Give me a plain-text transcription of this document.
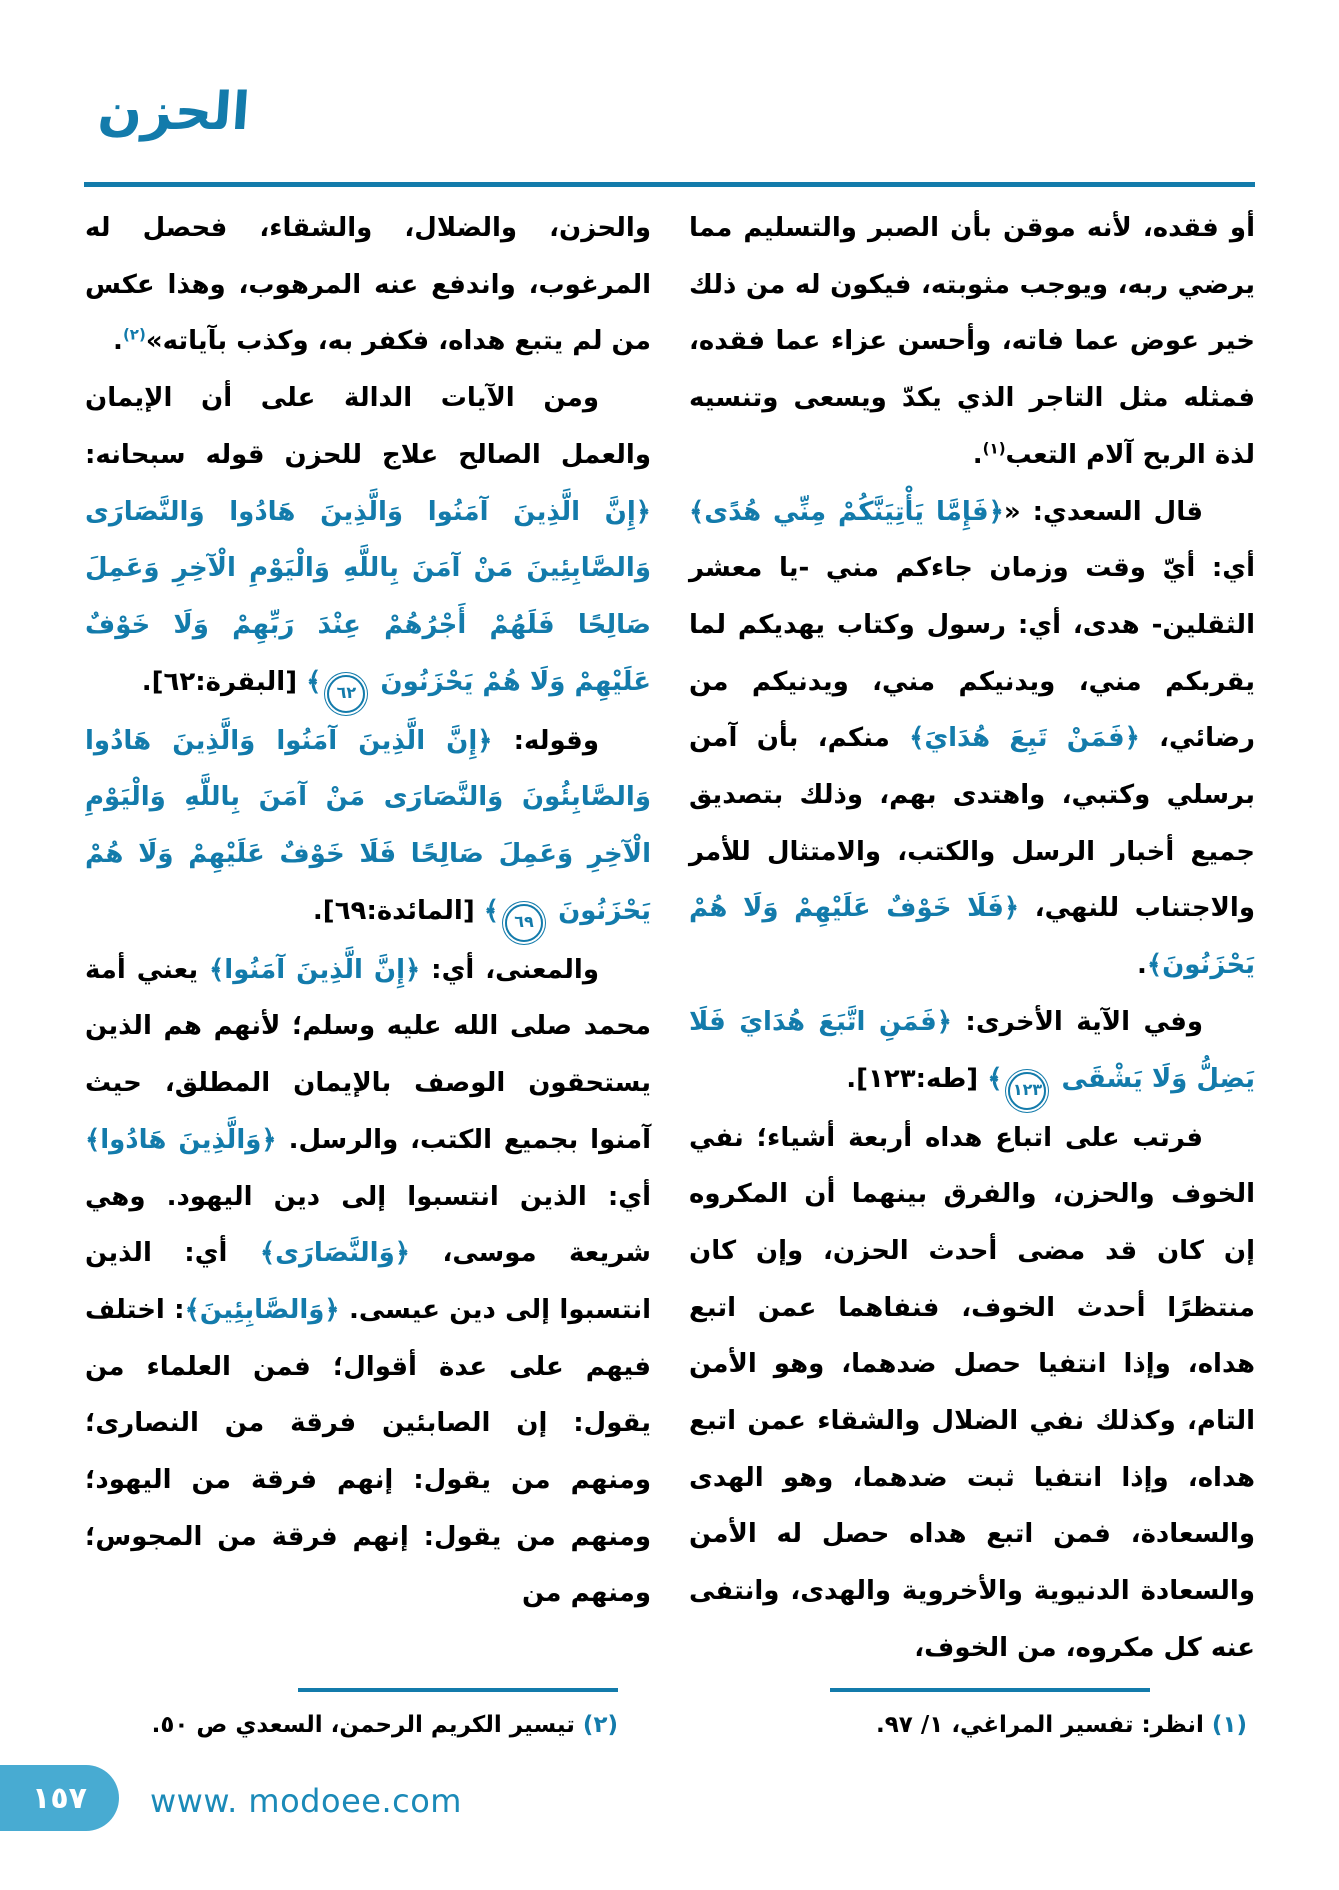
الحزن
أو فقده، لأنه موقن بأن الصبر والتسليم مما يرضي ربه، ويوجب مثوبته، فيكون له من ذلك خير عوض عما فاته، وأحسن عزاء عما فقده، فمثله مثل التاجر الذي يكدّ ويسعى وتنسيه لذة الربح آلام التعب$^{(١)}$.
قال السعدي: «﴿فَإِمَّا يَأْتِيَنَّكُمْ مِنِّي هُدًى﴾ أي: أيّ وقت وزمان جاءكم مني -يا معشر الثقلين- هدى، أي: رسول وكتاب يهديكم لما يقربكم مني، ويدنيكم مني، ويدنيكم من رضائي، ﴿فَمَنْ تَبِعَ هُدَايَ﴾ منكم، بأن آمن برسلي وكتبي، واهتدى بهم، وذلك بتصديق جميع أخبار الرسل والكتب، والامتثال للأمر والاجتناب للنهي، ﴿فَلَا خَوْفٌ عَلَيْهِمْ وَلَا هُمْ يَحْزَنُونَ﴾.
وفي الآية الأخرى: ﴿فَمَنِ اتَّبَعَ هُدَايَ فَلَا يَضِلُّ وَلَا يَشْقَى ١٢٣﴾ [طه:١٢٣].
فرتب على اتباع هداه أربعة أشياء؛ نفي الخوف والحزن، والفرق بينهما أن المكروه إن كان قد مضى أحدث الحزن، وإن كان منتظرًا أحدث الخوف، فنفاهما عمن اتبع هداه، وإذا انتفيا حصل ضدهما، وهو الأمن التام، وكذلك نفي الضلال والشقاء عمن اتبع هداه، وإذا انتفيا ثبت ضدهما، وهو الهدى والسعادة، فمن اتبع هداه حصل له الأمن والسعادة الدنيوية والأخروية والهدى، وانتفى عنه كل مكروه، من الخوف،
والحزن، والضلال، والشقاء، فحصل له المرغوب، واندفع عنه المرهوب، وهذا عكس من لم يتبع هداه، فكفر به، وكذب بآياته»$^{(٢)}$.
ومن الآيات الدالة على أن الإيمان والعمل الصالح علاج للحزن قوله سبحانه: ﴿إِنَّ الَّذِينَ آمَنُوا وَالَّذِينَ هَادُوا وَالنَّصَارَى وَالصَّابِئِينَ مَنْ آمَنَ بِاللَّهِ وَالْيَوْمِ الْآخِرِ وَعَمِلَ صَالِحًا فَلَهُمْ أَجْرُهُمْ عِنْدَ رَبِّهِمْ وَلَا خَوْفٌ عَلَيْهِمْ وَلَا هُمْ يَحْزَنُونَ ٦٢﴾ [البقرة:٦٢].
وقوله: ﴿إِنَّ الَّذِينَ آمَنُوا وَالَّذِينَ هَادُوا وَالصَّابِئُونَ وَالنَّصَارَى مَنْ آمَنَ بِاللَّهِ وَالْيَوْمِ الْآخِرِ وَعَمِلَ صَالِحًا فَلَا خَوْفٌ عَلَيْهِمْ وَلَا هُمْ يَحْزَنُونَ ٦٩﴾ [المائدة:٦٩].
والمعنى، أي: ﴿إِنَّ الَّذِينَ آمَنُوا﴾ يعني أمة محمد صلى الله عليه وسلم؛ لأنهم هم الذين يستحقون الوصف بالإيمان المطلق، حيث آمنوا بجميع الكتب، والرسل. ﴿وَالَّذِينَ هَادُوا﴾ أي: الذين انتسبوا إلى دين اليهود. وهي شريعة موسى، ﴿وَالنَّصَارَى﴾ أي: الذين انتسبوا إلى دين عيسى. ﴿وَالصَّابِئِينَ﴾: اختلف فيهم على عدة أقوال؛ فمن العلماء من يقول: إن الصابئين فرقة من النصارى؛ ومنهم من يقول: إنهم فرقة من اليهود؛ ومنهم من يقول: إنهم فرقة من المجوس؛ ومنهم من
(١) انظر: تفسير المراغي، ١/ ٩٧.
(٢) تيسير الكريم الرحمن، السعدي ص ٥٠.
١٥٧ www. modoee.com
